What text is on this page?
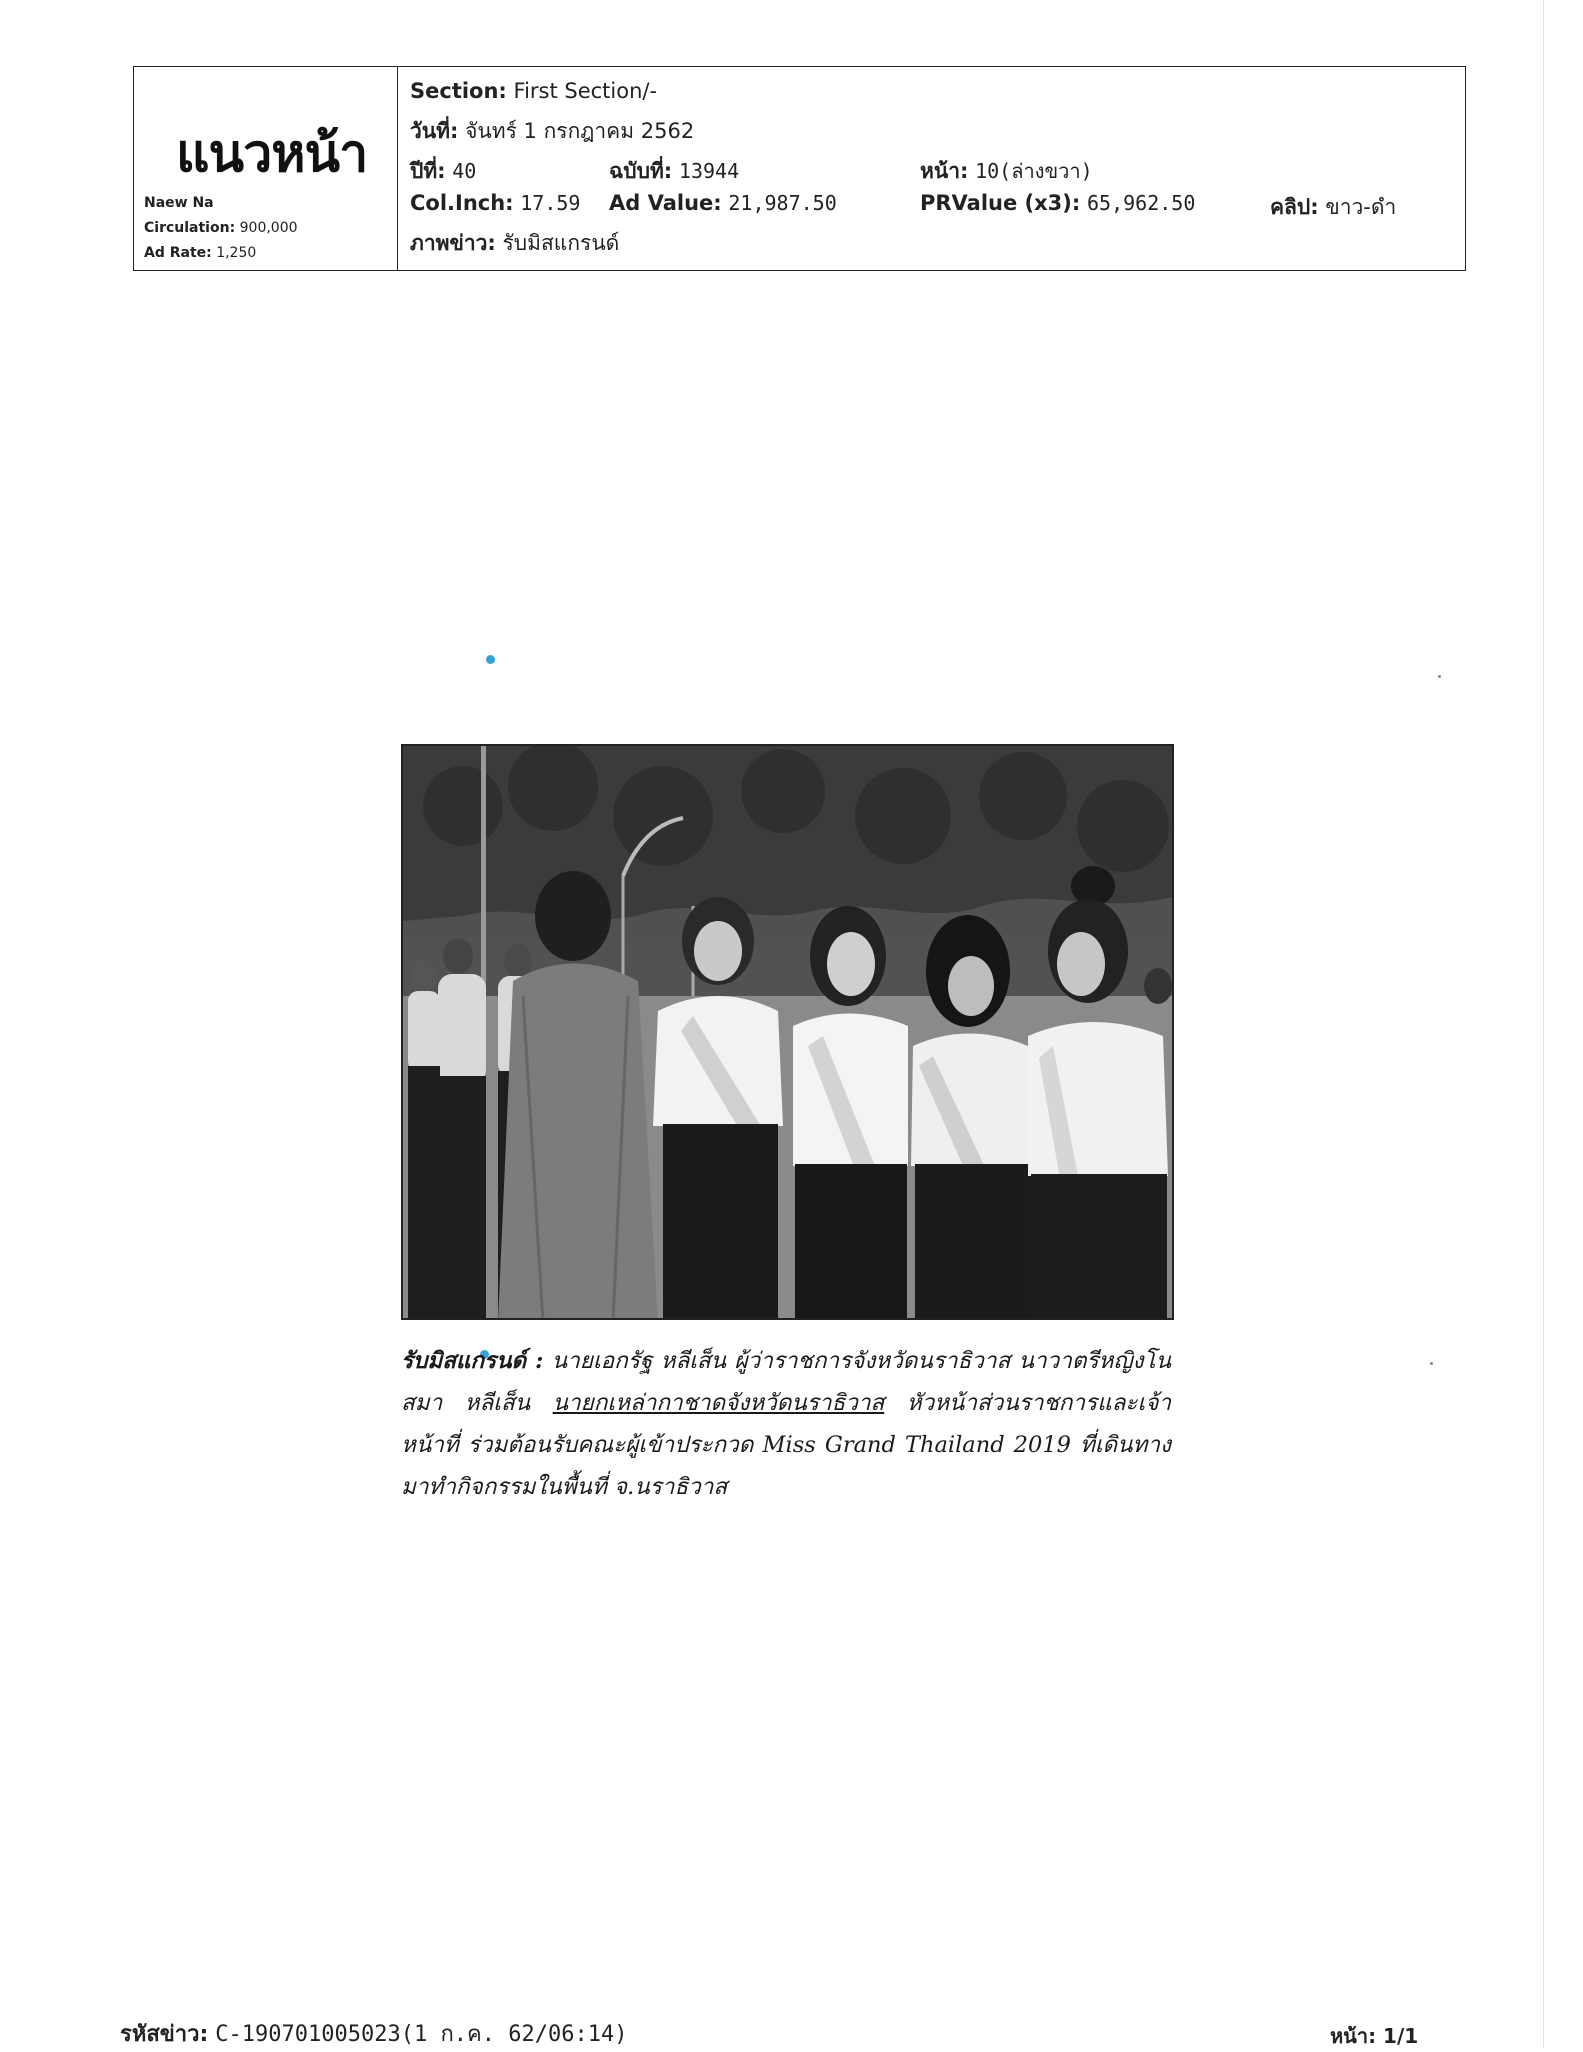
แนวหน้า
Naew Na
Circulation: 900,000
Ad Rate: 1,250
Section: First Section/-
วันที่: จันทร์ 1 กรกฎาคม 2562
ปีที่: 40	ฉบับที่: 13944	หน้า: 10(ล่างขวา)
Col.Inch: 17.59 Ad Value: 21,987.50	PRValue (x3): 65,962.50	คลิป: ขาว-ดำ
ภาพข่าว: รับมิสแกรนด์
รับมิสแกรนด์ : นายเอกรัฐ หลีเส็น ผู้ว่าราชการจังหวัดนราธิวาส นาวาตรีหญิงโนสมา หลีเส็น นายกเหล่ากาชาดจังหวัดนราธิวาส หัวหน้าส่วนราชการและเจ้าหน้าที่ ร่วมต้อนรับคณะผู้เข้าประกวด Miss Grand Thailand 2019 ที่เดินทางมาทำกิจกรรมในพื้นที่ จ.นราธิวาส
รหัสข่าว: C-190701005023(1 ก.ค. 62/06:14)	หน้า: 1/1
